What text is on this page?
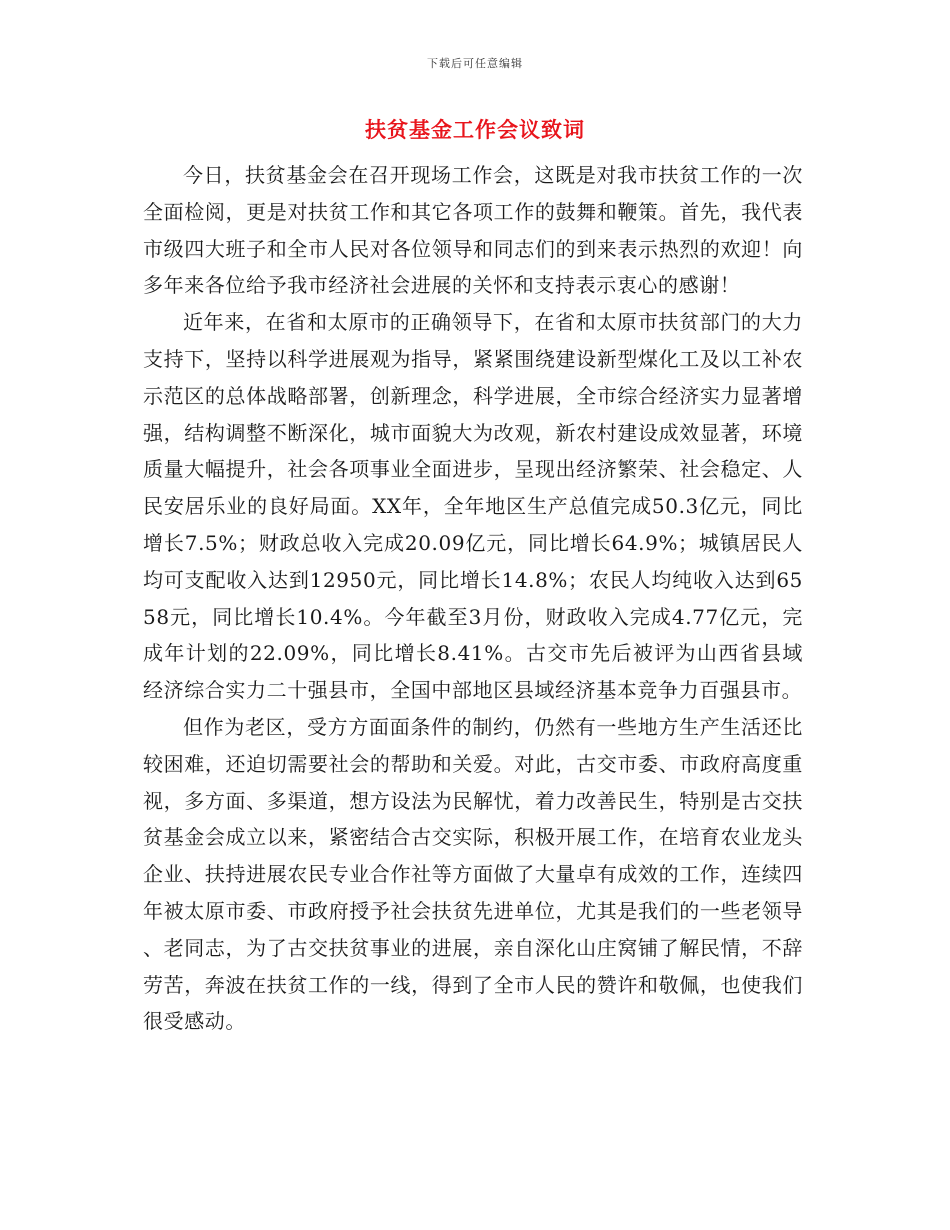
下载后可任意编辑
扶贫基金工作会议致词

今日，扶贫基金会在召开现场工作会，这既是对我市扶贫工作的一次全面检阅，更是对扶贫工作和其它各项工作的鼓舞和鞭策。首先，我代表市级四大班子和全市人民对各位领导和同志们的到来表示热烈的欢迎！向多年来各位给予我市经济社会进展的关怀和支持表示衷心的感谢！

近年来，在省和太原市的正确领导下，在省和太原市扶贫部门的大力支持下，坚持以科学进展观为指导，紧紧围绕建设新型煤化工及以工补农示范区的总体战略部署，创新理念，科学进展，全市综合经济实力显著增强，结构调整不断深化，城市面貌大为改观，新农村建设成效显著，环境质量大幅提升，社会各项事业全面进步，呈现出经济繁荣、社会稳定、人民安居乐业的良好局面。XX年，全年地区生产总值完成50.3亿元，同比增长7.5%；财政总收入完成20.09亿元，同比增长64.9%；城镇居民人均可支配收入达到12950元，同比增长14.8%；农民人均纯收入达到6558元，同比增长10.4%。今年截至3月份，财政收入完成4.77亿元，完成年计划的22.09%，同比增长8.41%。古交市先后被评为山西省县域经济综合实力二十强县市，全国中部地区县域经济基本竞争力百强县市。

但作为老区，受方方面面条件的制约，仍然有一些地方生产生活还比较困难，还迫切需要社会的帮助和关爱。对此，古交市委、市政府高度重视，多方面、多渠道，想方设法为民解忧，着力改善民生，特别是古交扶贫基金会成立以来，紧密结合古交实际，积极开展工作，在培育农业龙头企业、扶持进展农民专业合作社等方面做了大量卓有成效的工作，连续四年被太原市委、市政府授予社会扶贫先进单位，尤其是我们的一些老领导、老同志，为了古交扶贫事业的进展，亲自深化山庄窝铺了解民情，不辞劳苦，奔波在扶贫工作的一线，得到了全市人民的赞许和敬佩，也使我们很受感动。
